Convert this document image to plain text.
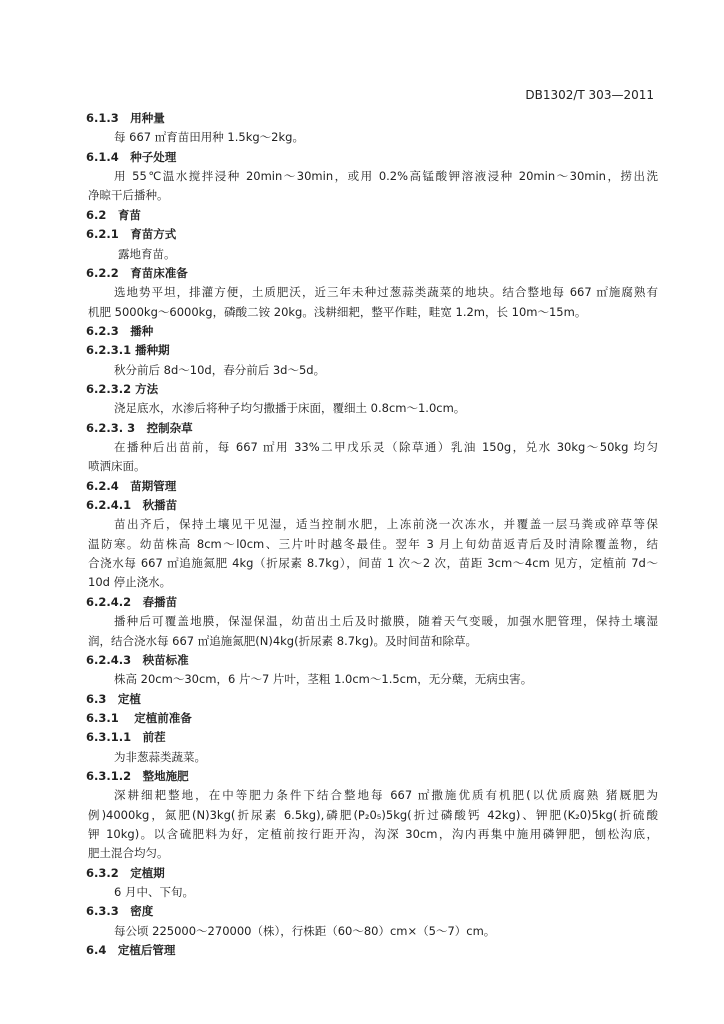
DB1302/T 303—2011
6.1.3　用种量
每 667 ㎡育苗田用种 1.5kg～2kg。
6.1.4　种子处理
用 55℃温水搅拌浸种 20min～30min，或用 0.2%高锰酸钾溶液浸种 20min～30min，捞出洗
净晾干后播种。
6.2　育苗
6.2.1　育苗方式
露地育苗。
6.2.2　育苗床准备
选地势平坦，排灌方便，土质肥沃，近三年未种过葱蒜类蔬菜的地块。结合整地每 667 ㎡施腐熟有
机肥 5000kg～6000kg，磷酸二铵 20kg。浅耕细耙，整平作畦，畦宽 1.2m，长 10m～15m。
6.2.3　播种
6.2.3.1 播种期
秋分前后 8d～10d，春分前后 3d～5d。
6.2.3.2 方法
浇足底水，水渗后将种子均匀撒播于床面，覆细土 0.8cm～1.0cm。
6.2.3. 3　控制杂草
在播种后出苗前，每 667 ㎡用 33%二甲戊乐灵（除草通）乳油 150g，兑水 30kg～50kg 均匀
喷洒床面。
6.2.4　苗期管理
6.2.4.1　秋播苗
苗出齐后，保持土壤见干见湿，适当控制水肥，上冻前浇一次冻水，并覆盖一层马粪或碎草等保
温防寒。幼苗株高 8cm～l0cm、三片叶时越冬最佳。翌年 3 月上旬幼苗返青后及时清除覆盖物，结
合浇水每 667 ㎡追施氮肥 4kg（折尿素 8.7kg），间苗 1 次～2 次，苗距 3cm～4cm 见方，定植前 7d～
10d 停止浇水。
6.2.4.2　春播苗
播种后可覆盖地膜，保湿保温，幼苗出土后及时撤膜，随着天气变暖，加强水肥管理，保持土壤湿
润，结合浇水每 667 ㎡追施氮肥(N)4kg(折尿素 8.7kg)。及时间苗和除草。
6.2.4.3　秧苗标准
株高 20cm～30cm，6 片～7 片叶，茎粗 1.0cm～1.5cm，无分蘖，无病虫害。
6.3　定植
6.3.1　 定植前准备
6.3.1.1　前茬
为非葱蒜类蔬菜。
6.3.1.2　整地施肥
深耕细耙整地，在中等肥力条件下结合整地每 667 ㎡撒施优质有机肥(以优质腐熟 猪厩肥为
例)4000kg，氮肥(N)3kg(折尿素 6.5kg),磷肥(P₂0₅)5kg(折过磷酸钙 42kg)、钾肥(K₂0)5kg(折硫酸
钾 10kg)。以含硫肥料为好，定植前按行距开沟，沟深 30cm，沟内再集中施用磷钾肥，刨松沟底，
肥土混合均匀。
6.3.2　定植期
6 月中、下旬。
6.3.3　密度
每公顷 225000～270000（株），行株距（60～80）cm×（5～7）cm。
6.4　定植后管理
